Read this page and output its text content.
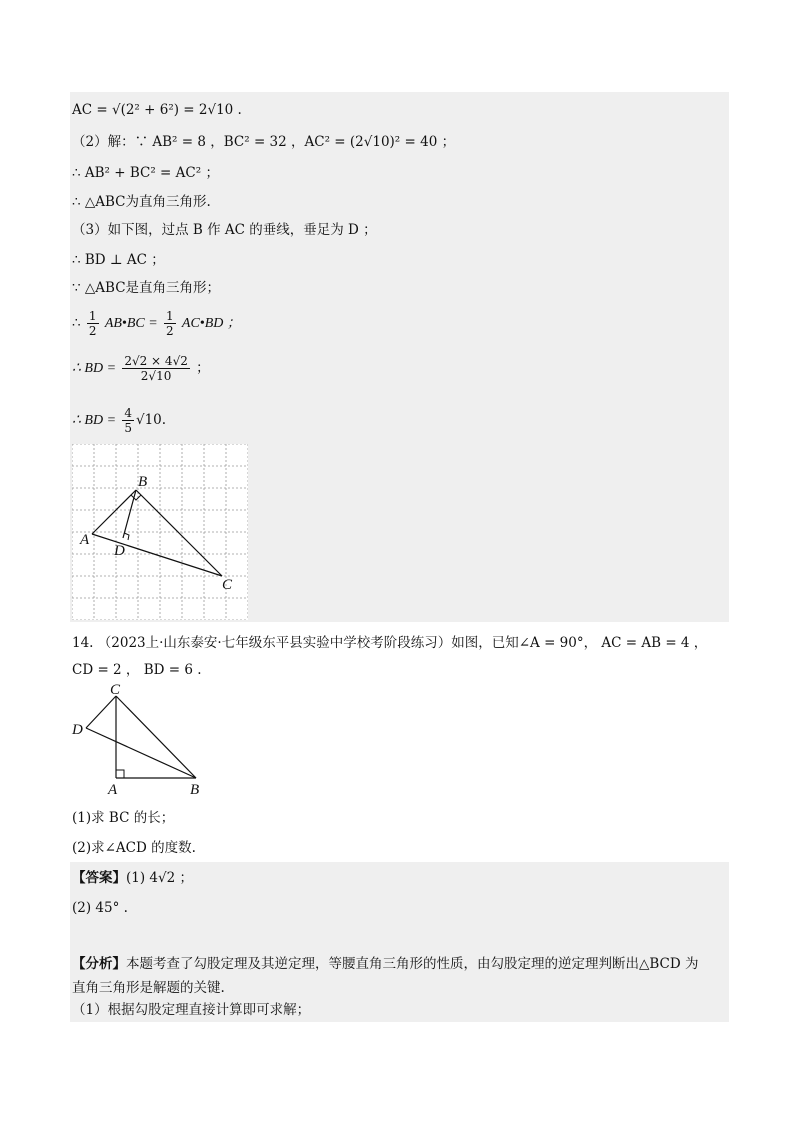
AC = √(2² + 6²) = 2√10 .
（2）解：∵ AB² = 8 ，BC² = 32 ，AC² = (2√10)² = 40 ；
∴ AB² + BC² = AC² ；
∴ △ABC为直角三角形.
（3）如下图，过点 B 作 AC 的垂线，垂足为 D ；
∴ BD ⊥ AC ；
∵ △ABC是直角三角形；
∴ $\frac{1}{2}$ AB•BC = $\frac{1}{2}$ AC•BD ；
∴ BD = $\frac{2√2 \times 4√2}{2√10}$ ；
∴ BD = $\frac{4}{5} √10$.
B
A
D
C
14. （2023上·山东泰安·七年级东平县实验中学校考阶段练习）如图，已知∠A = 90°， AC = AB = 4 ，
CD = 2 ， BD = 6 .
C
D
A	B
(1)求 BC 的长；
(2)求∠ACD 的度数.
【答案】(1) 4√2 ；
(2) 45° .
【分析】本题考查了勾股定理及其逆定理，等腰直角三角形的性质，由勾股定理的逆定理判断出△BCD 为
直角三角形是解题的关键.
（1）根据勾股定理直接计算即可求解；
